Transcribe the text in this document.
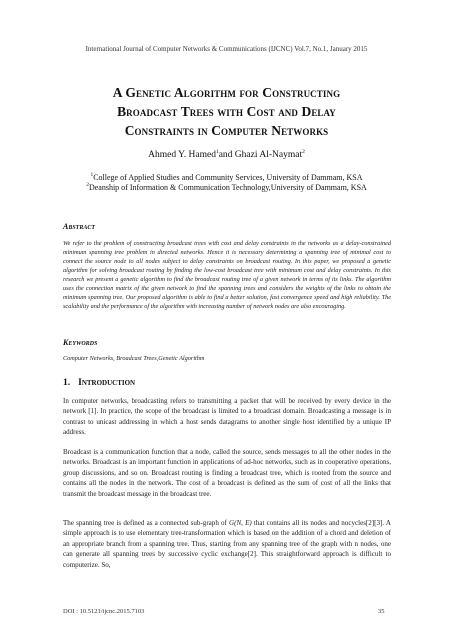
International Journal of Computer Networks & Communications (IJCNC) Vol.7, No.1, January 2015
A Genetic Algorithm for Constructing
Broadcast Trees with Cost and Delay
Constraints in Computer Networks
Ahmed Y. Hamed$^1$and Ghazi Al-Naymat$^2$
$^1$College of Applied Studies and Community Services, University of Dammam, KSA
$^2$Deanship of Information & Communication Technology,University of Dammam, KSA
Abstract
We refer to the problem of constructing broadcast trees with cost and delay constraints in the networks as a delay-constrained minimum spanning tree problem in directed networks. Hence it is necessary determining a spanning tree of minimal cost to connect the source node to all nodes subject to delay constraints on broadcast routing. In this paper, we proposed a genetic algorithm for solving broadcast routing by finding the low-cost broadcast tree with minimum cost and delay constraints. In this research we present a genetic algorithm to find the broadcast routing tree of a given network in terms of its links. The algorithm uses the connection matrix of the given network to find the spanning trees and considers the weights of the links to obtain the minimum spanning tree. Our proposed algorithm is able to find a better solution, fast convergence speed and high reliability. The scalability and the performance of the algorithm with increasing number of network nodes are also encouraging.
Keywords
Computer Networks, Broadcast Trees,Genetic Algorithm
1. Introduction
In computer networks, broadcasting refers to transmitting a packet that will be received by every device in the network [1]. In practice, the scope of the broadcast is limited to a broadcast domain. Broadcasting a message is in contrast to unicast addressing in which a host sends datagrams to another single host identified by a unique IP address.
Broadcast is a communication function that a node, called the source, sends messages to all the other nodes in the networks. Broadcast is an important function in applications of ad-hoc networks, such as in cooperative operations, group discussions, and so on. Broadcast routing is finding a broadcast tree, which is rooted from the source and contains all the nodes in the network. The cost of a broadcast is defined as the sum of cost of all the links that transmit the broadcast message in the broadcast tree.
The spanning tree is defined as a connected sub-graph of G(N, E) that contains all its nodes and nocycles[2][3]. A simple approach is to use elementary tree-transformation which is based on the addition of a chord and deletion of an appropriate branch from a spanning tree. Thus, starting from any spanning tree of the graph with n nodes, one can generate all spanning trees by successive cyclic exchange[2]. This straightforward approach is difficult to computerize. So,
DOI : 10.5121/ijcnc.2015.7103	35
